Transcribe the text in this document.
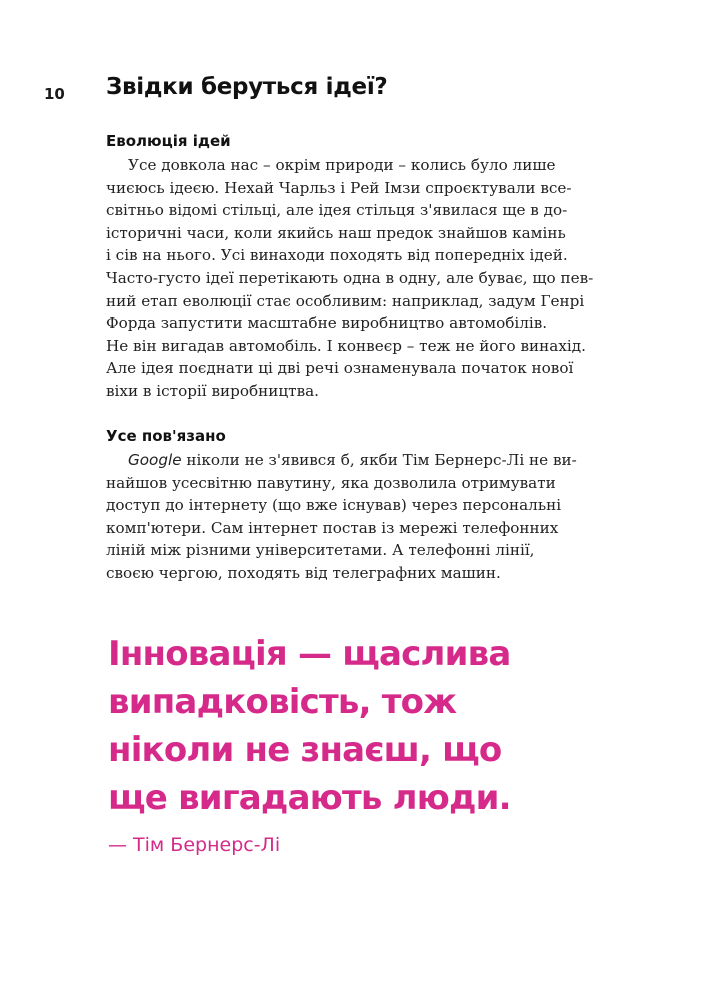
10 Звідки беруться ідеї?
Еволюція ідей
Усе довкола нас – окрім природи – колись було лише
чиєюсь ідеєю. Нехай Чарльз і Рей Імзи спроєктували все-
світньо відомі стільці, але ідея стільця з'явилася ще в до-
історичні часи, коли якийсь наш предок знайшов камінь
і сів на нього. Усі винаходи походять від попередніх ідей.
Часто-густо ідеї перетікають одна в одну, але буває, що пев-
ний етап еволюції стає особливим: наприклад, задум Генрі
Форда запустити масштабне виробництво автомобілів.
Не він вигадав автомобіль. І конвеєр – теж не його винахід.
Але ідея поєднати ці дві речі ознаменувала початок нової
віхи в історії виробництва.
Усе пов'язано
Google ніколи не з'явився б, якби Тім Бернерс-Лі не ви-
найшов усесвітню павутину, яка дозволила отримувати
доступ до інтернету (що вже існував) через персональні
комп'ютери. Сам інтернет постав із мережі телефонних
ліній між різними університетами. А телефонні лінії,
своєю чергою, походять від телеграфних машин.
Інновація — щаслива
випадковість, тож
ніколи не знаєш, що
ще вигадають люди.
— Тім Бернерс-Лі
